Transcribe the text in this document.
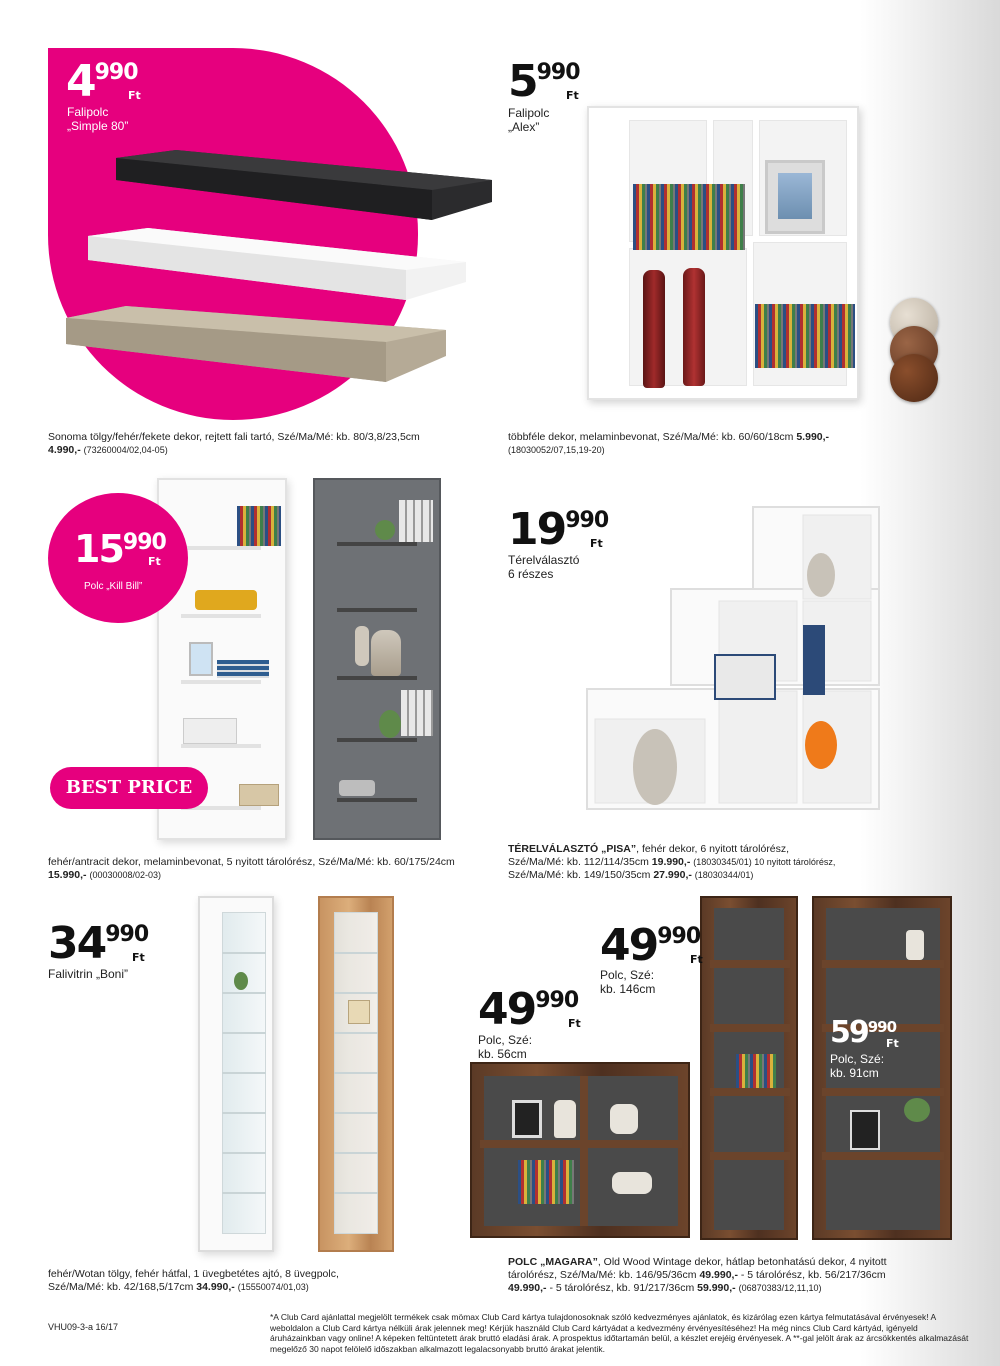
4990
Ft
Falipolc
„Simple 80”
Sonoma tölgy/fehér/fekete dekor, rejtett fali tartó, Szé/Ma/Mé: kb. 80/3,8/23,5cm
4.990,- (73260004/02,04-05)
5990
Ft
Falipolc
„Alex”
többféle dekor, melaminbevonat, Szé/Ma/Mé: kb. 60/60/18cm 5.990,-
(18030052/07,15,19-20)
15990
Ft
Polc „Kill Bill”
BEST PRICE
fehér/antracit dekor, melaminbevonat, 5 nyitott tárolórész, Szé/Ma/Mé: kb. 60/175/24cm
15.990,- (00030008/02-03)
19990
Ft
Térelválasztó
6 részes
TÉRELVÁLASZTÓ „PISA”, fehér dekor, 6 nyitott tárolórész,
Szé/Ma/Mé: kb. 112/114/35cm 19.990,- (18030345/01) 10 nyitott tárolórész,
Szé/Ma/Mé: kb. 149/150/35cm 27.990,- (18030344/01)
34990
Ft
Falivitrin „Boni”
fehér/Wotan tölgy, fehér hátfal, 1 üvegbetétes ajtó, 8 üvegpolc,
Szé/Ma/Mé: kb. 42/168,5/17cm 34.990,- (15550074/01,03)
49990
Ft
Polc, Szé:
kb. 146cm
49990
Ft
Polc, Szé:
kb. 56cm
59990
Ft
Polc, Szé:
kb. 91cm
POLC „MAGARA”, Old Wood Wintage dekor, hátlap betonhatású dekor, 4 nyitott
tárolórész, Szé/Ma/Mé: kb. 146/95/36cm 49.990,- - 5 tárolórész, kb. 56/217/36cm
49.990,- - 5 tárolórész, kb. 91/217/36cm 59.990,- (06870383/12,11,10)
VHU09-3-a 16/17
*A Club Card ajánlattal megjelölt termékek csak mömax Club Card kártya tulajdonosoknak szóló kedvezményes ajánlatok, és kizárólag ezen kártya felmutatásával érvényesek! A weboldalon a Club Card kártya nélküli árak jelennek meg! Kérjük használd Club Card kártyádat a kedvezmény érvényesítéséhez! Ha még nincs Club Card kártyád, igényeld áruházainkban vagy online! A képeken feltüntetett árak bruttó eladási árak. A prospektus időtartamán belül, a készlet erejéig érvényesek. A **-gal jelölt árak az árcsökkentés alkalmazását megelőző 30 napot felölelő időszakban alkalmazott legalacsonyabb bruttó árakat jelentik.
